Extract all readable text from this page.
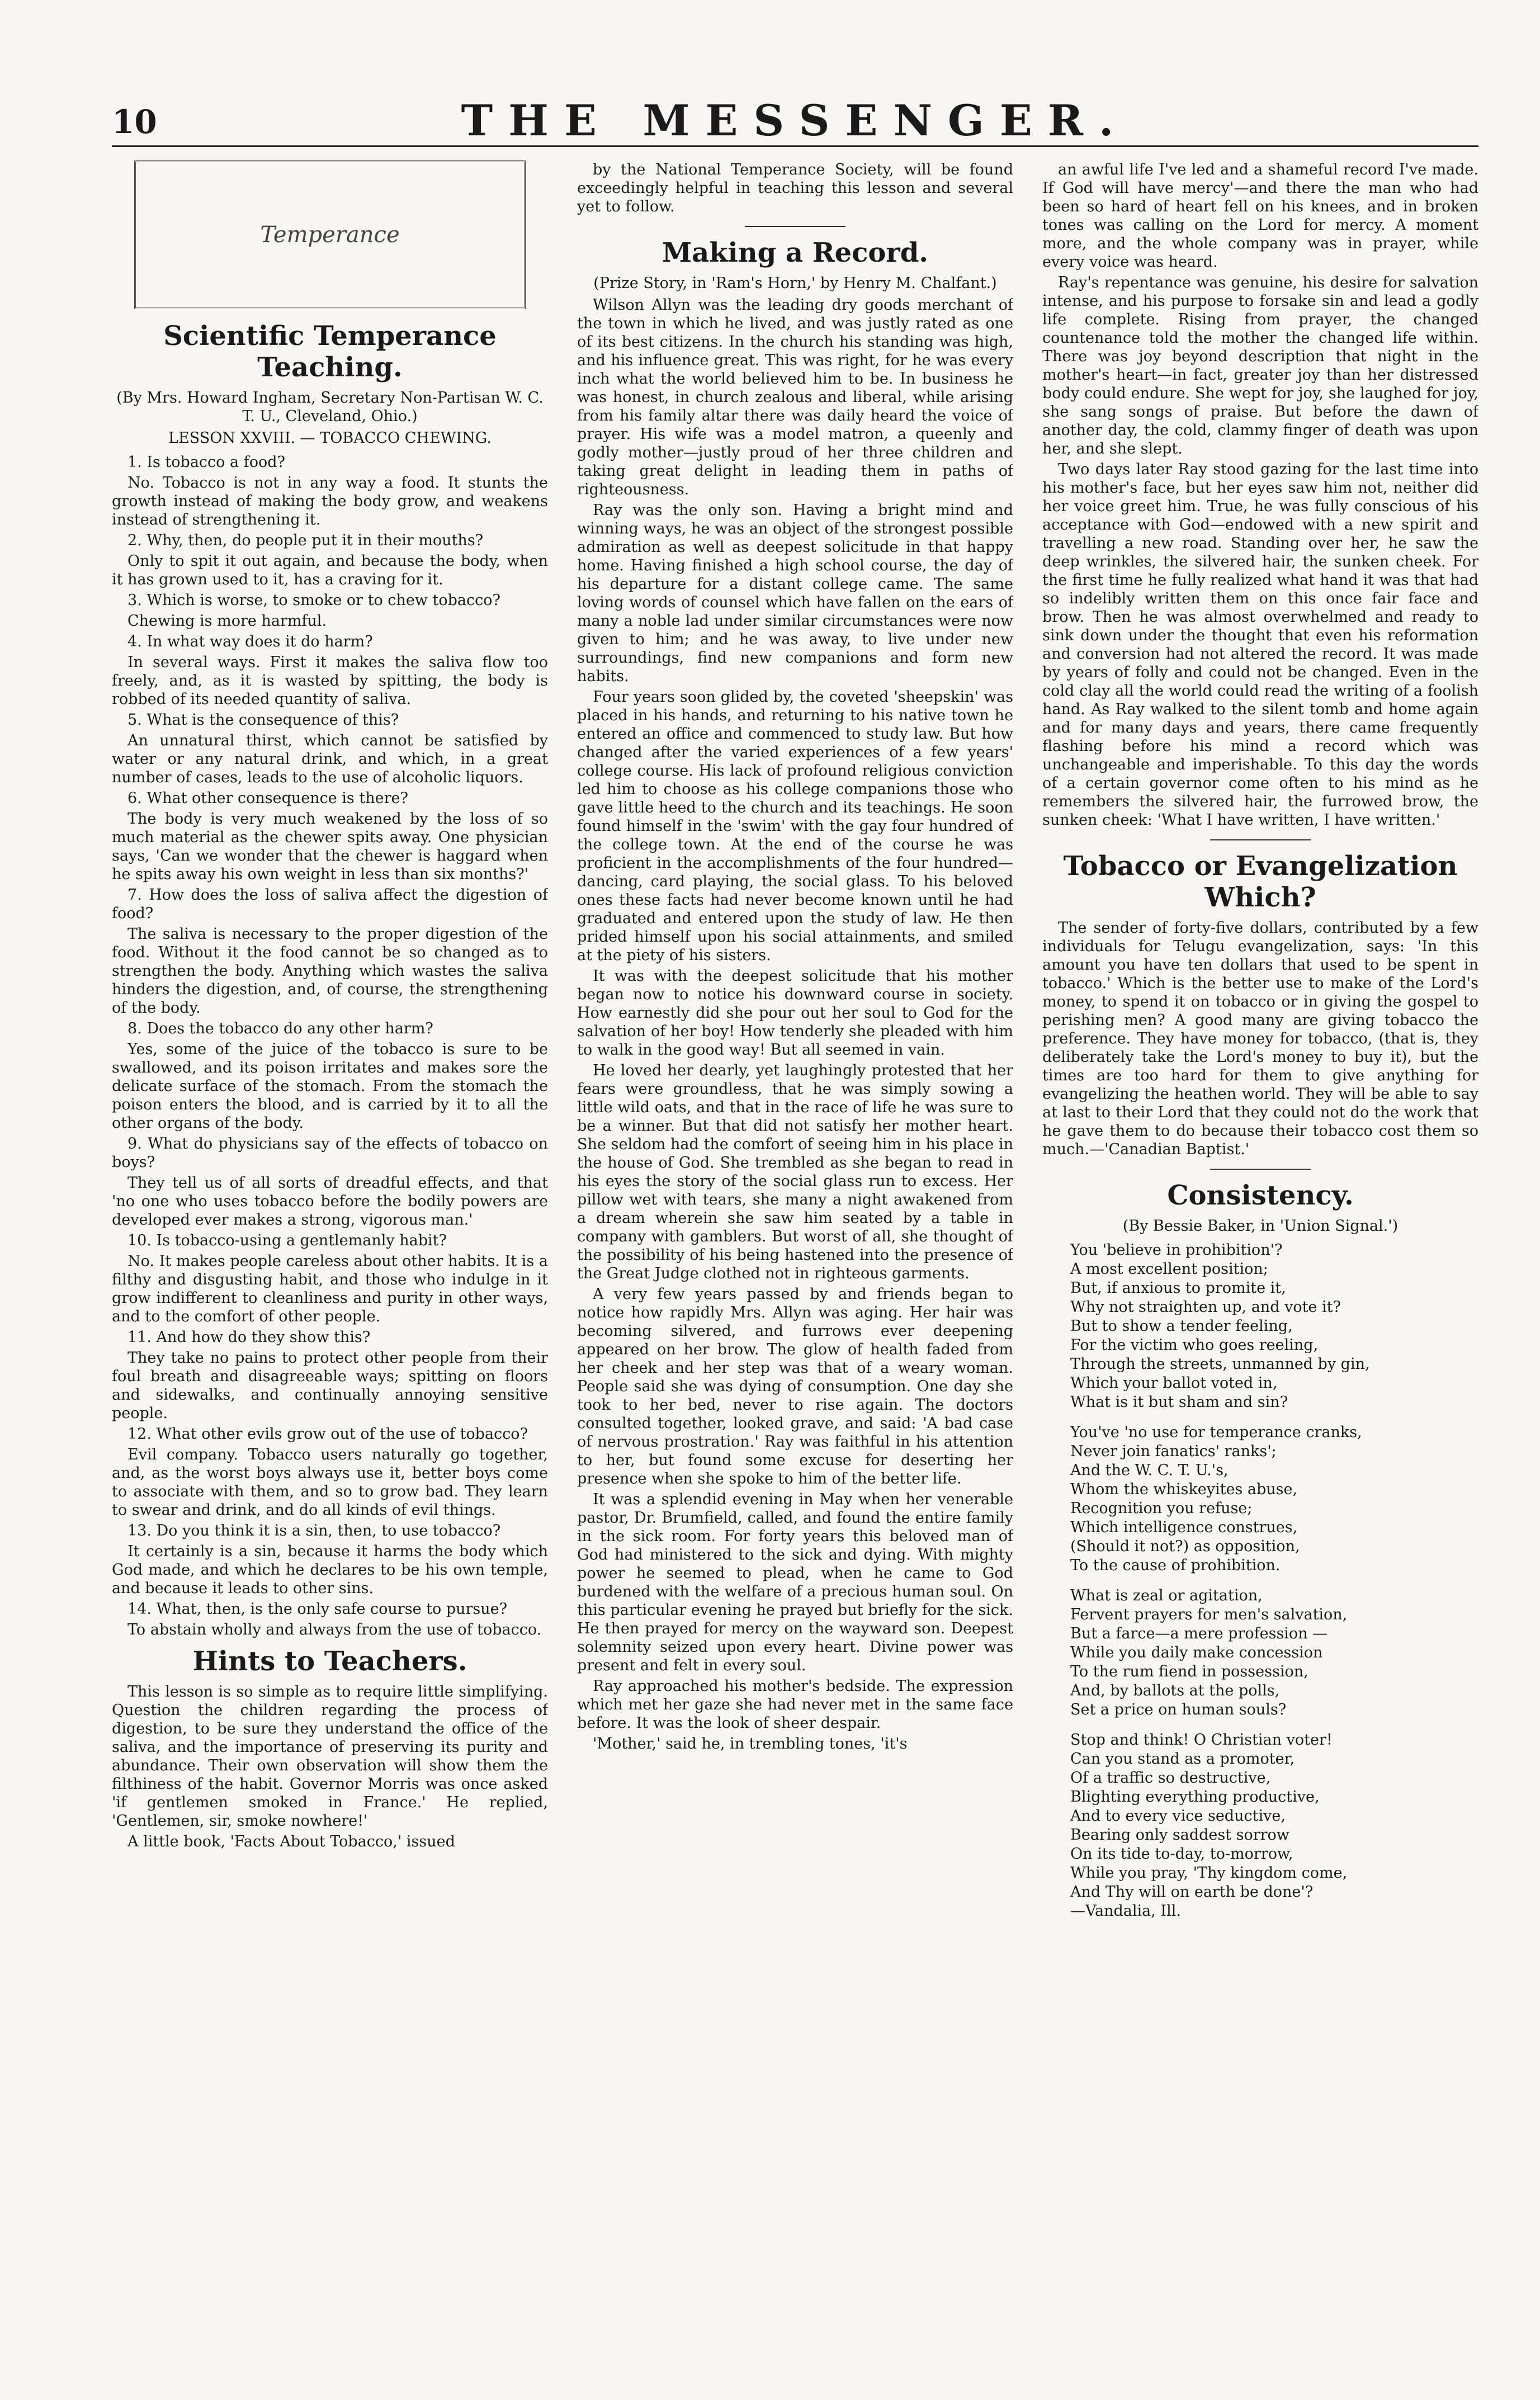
10	THE MESSENGER.
Temperance
Scientific Temperance Teaching.
(By Mrs. Howard Ingham, Secretary Non-Partisan W. C. T. U., Cleveland, Ohio.)
LESSON XXVIII. — TOBACCO CHEWING.

1. Is tobacco a food?

No. Tobacco is not in any way a food. It stunts the growth instead of making the body grow, and weakens instead of strengthening it.

2. Why, then, do people put it in their mouths?

Only to spit it out again, and because the body, when it has grown used to it, has a craving for it.

3. Which is worse, to smoke or to chew tobacco?

Chewing is more harmful.

4. In what way does it do harm?

In several ways. First it makes the saliva flow too freely, and, as it is wasted by spitting, the body is robbed of its needed quantity of saliva.

5. What is the consequence of this?

An unnatural thirst, which cannot be satisfied by water or any natural drink, and which, in a great number of cases, leads to the use of alcoholic liquors.

6. What other consequence is there?

The body is very much weakened by the loss of so much material as the chewer spits away. One physician says, 'Can we wonder that the chewer is haggard when he spits away his own weight in less than six months?'

7. How does the loss of saliva affect the digestion of food?

The saliva is necessary to the proper digestion of the food. Without it the food cannot be so changed as to strengthen the body. Anything which wastes the saliva hinders the digestion, and, of course, the strengthening of the body.

8. Does the tobacco do any other harm?

Yes, some of the juice of the tobacco is sure to be swallowed, and its poison irritates and makes sore the delicate surface of the stomach. From the stomach the poison enters the blood, and is carried by it to all the other organs of the body.

9. What do physicians say of the effects of tobacco on boys?

They tell us of all sorts of dreadful effects, and that 'no one who uses tobacco before the bodily powers are developed ever makes a strong, vigorous man.'

10. Is tobacco-using a gentlemanly habit?

No. It makes people careless about other habits. It is a filthy and disgusting habit, and those who indulge in it grow indifferent to cleanliness and purity in other ways, and to the comfort of other people.

11. And how do they show this?

They take no pains to protect other people from their foul breath and disagreeable ways; spitting on floors and sidewalks, and continually annoying sensitive people.

12. What other evils grow out of the use of tobacco?

Evil company. Tobacco users naturally go together, and, as the worst boys always use it, better boys come to associate with them, and so to grow bad. They learn to swear and drink, and do all kinds of evil things.

13. Do you think it is a sin, then, to use tobacco?

It certainly is a sin, because it harms the body which God made, and which he declares to be his own temple, and because it leads to other sins.

14. What, then, is the only safe course to pursue?

To abstain wholly and always from the use of tobacco.

Hints to Teachers.

This lesson is so simple as to require little simplifying. Question the children regarding the process of digestion, to be sure they understand the office of the saliva, and the importance of preserving its purity and abundance. Their own observation will show them the filthiness of the habit. Governor Morris was once asked 'if gentlemen smoked in France.' He replied, 'Gentlemen, sir, smoke nowhere!'

A little book, 'Facts About Tobacco,' issued

by the National Temperance Society, will be found exceedingly helpful in teaching this lesson and several yet to follow.

Making a Record.
(Prize Story, in 'Ram's Horn,' by Henry M. Chalfant.)

Wilson Allyn was the leading dry goods merchant of the town in which he lived, and was justly rated as one of its best citizens. In the church his standing was high, and his influence great. This was right, for he was every inch what the world believed him to be. In business he was honest, in church zealous and liberal, while arising from his family altar there was daily heard the voice of prayer. His wife was a model matron, a queenly and godly mother—justly proud of her three children and taking great delight in leading them in paths of righteousness.

Ray was the only son. Having a bright mind and winning ways, he was an object of the strongest possible admiration as well as deepest solicitude in that happy home. Having finished a high school course, the day of his departure for a distant college came. The same loving words of counsel which have fallen on the ears of many a noble lad under similar circumstances were now given to him; and he was away, to live under new surroundings, find new companions and form new habits.

Four years soon glided by, the coveted 'sheepskin' was placed in his hands, and returning to his native town he entered an office and commenced to study law. But how changed after the varied experiences of a few years' college course. His lack of profound religious conviction led him to choose as his college companions those who gave little heed to the church and its teachings. He soon found himself in the 'swim' with the gay four hundred of the college town. At the end of the course he was proficient in the accomplishments of the four hundred—dancing, card playing, the social glass. To his beloved ones these facts had never become known until he had graduated and entered upon the study of law. He then prided himself upon his social attainments, and smiled at the piety of his sisters.

It was with the deepest solicitude that his mother began now to notice his downward course in society. How earnestly did she pour out her soul to God for the salvation of her boy! How tenderly she pleaded with him to walk in the good way! But all seemed in vain.

He loved her dearly, yet laughingly protested that her fears were groundless, that he was simply sowing a little wild oats, and that in the race of life he was sure to be a winner. But that did not satisfy her mother heart. She seldom had the comfort of seeing him in his place in the house of God. She trembled as she began to read in his eyes the story of the social glass run to excess. Her pillow wet with tears, she many a night awakened from a dream wherein she saw him seated by a table in company with gamblers. But worst of all, she thought of the possibility of his being hastened into the presence of the Great Judge clothed not in righteous garments.

A very few years passed by and friends began to notice how rapidly Mrs. Allyn was aging. Her hair was becoming silvered, and furrows ever deepening appeared on her brow. The glow of health faded from her cheek and her step was that of a weary woman. People said she was dying of consumption. One day she took to her bed, never to rise again. The doctors consulted together, looked grave, and said: 'A bad case of nervous prostration.' Ray was faithful in his attention to her, but found some excuse for deserting her presence when she spoke to him of the better life.

It was a splendid evening in May when her venerable pastor, Dr. Brumfield, called, and found the entire family in the sick room. For forty years this beloved man of God had ministered to the sick and dying. With mighty power he seemed to plead, when he came to God burdened with the welfare of a precious human soul. On this particular evening he prayed but briefly for the sick. He then prayed for mercy on the wayward son. Deepest solemnity seized upon every heart. Divine power was present and felt in every soul.

Ray approached his mother's bedside. The expression which met her gaze she had never met in the same face before. It was the look of sheer despair.

'Mother,' said he, in trembling tones, 'it's

an awful life I've led and a shameful record I've made. If God will have mercy'—and there the man who had been so hard of heart fell on his knees, and in broken tones was calling on the Lord for mercy. A moment more, and the whole company was in prayer, while every voice was heard.

Ray's repentance was genuine, his desire for salvation intense, and his purpose to forsake sin and lead a godly life complete. Rising from prayer, the changed countenance told the mother the changed life within. There was joy beyond description that night in the mother's heart—in fact, greater joy than her distressed body could endure. She wept for joy, she laughed for joy, she sang songs of praise. But before the dawn of another day, the cold, clammy finger of death was upon her, and she slept.

Two days later Ray stood gazing for the last time into his mother's face, but her eyes saw him not, neither did her voice greet him. True, he was fully conscious of his acceptance with God—endowed with a new spirit and travelling a new road. Standing over her, he saw the deep wrinkles, the silvered hair, the sunken cheek. For the first time he fully realized what hand it was that had so indelibly written them on this once fair face and brow. Then he was almost overwhelmed and ready to sink down under the thought that even his reformation and conversion had not altered the record. It was made by years of folly and could not be changed. Even in the cold clay all the world could read the writing of a foolish hand. As Ray walked to the silent tomb and home again and for many days and years, there came frequently flashing before his mind a record which was unchangeable and imperishable. To this day the words of a certain governor come often to his mind as he remembers the silvered hair, the furrowed brow, the sunken cheek: 'What I have written, I have written.'

Tobacco or Evangelization Which?

The sender of forty-five dollars, contributed by a few individuals for Telugu evangelization, says: 'In this amount you have ten dollars that used to be spent in tobacco.' Which is the better use to make of the Lord's money, to spend it on tobacco or in giving the gospel to perishing men? A good many are giving tobacco the preference. They have money for tobacco, (that is, they deliberately take the Lord's money to buy it), but the times are too hard for them to give anything for evangelizing the heathen world. They will be able to say at last to their Lord that they could not do the work that he gave them to do because their tobacco cost them so much.—'Canadian Baptist.'

Consistency.
(By Bessie Baker, in 'Union Signal.')
You 'believe in prohibition'?
A most excellent position;
But, if anxious to promite it,
Why not straighten up, and vote it?
But to show a tender feeling,
For the victim who goes reeling,
Through the streets, unmanned by gin,
Which your ballot voted in,
What is it but sham and sin?
You've 'no use for temperance cranks,
Never join fanatics' ranks';
And the W. C. T. U.'s,
Whom the whiskeyites abuse,
Recognition you refuse;
Which intelligence construes,
(Should it not?) as opposition,
To the cause of prohibition.
What is zeal or agitation,
Fervent prayers for men's salvation,
But a farce—a mere profession —
While you daily make concession
To the rum fiend in possession,
And, by ballots at the polls,
Set a price on human souls?
Stop and think! O Christian voter!
Can you stand as a promoter,
Of a traffic so destructive,
Blighting everything productive,
And to every vice seductive,
Bearing only saddest sorrow
On its tide to-day, to-morrow,
While you pray, 'Thy kingdom come,
And Thy will on earth be done'?
—Vandalia, Ill.
